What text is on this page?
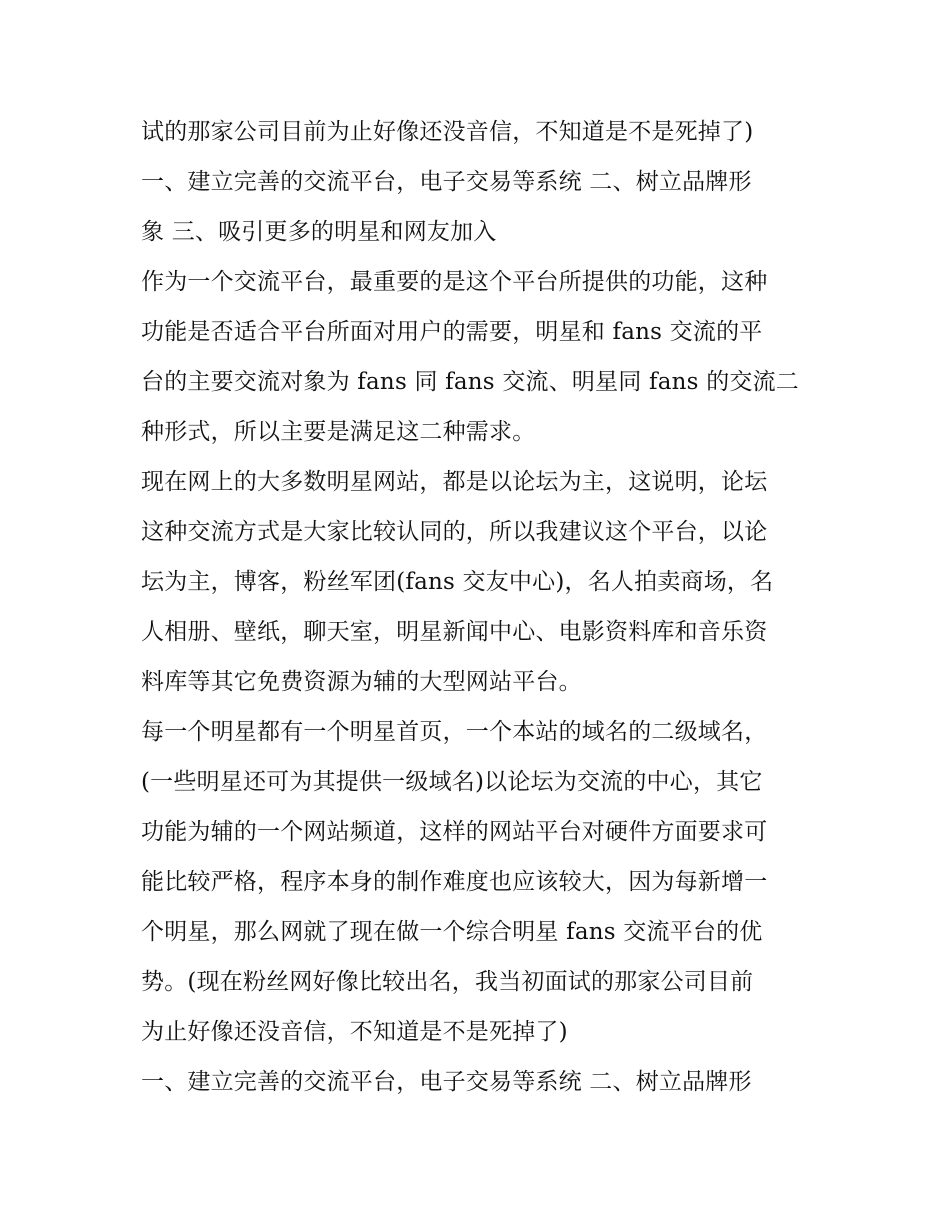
试的那家公司目前为止好像还没音信，不知道是不是死掉了)
一、建立完善的交流平台，电子交易等系统 二、树立品牌形
象 三、吸引更多的明星和网友加入
作为一个交流平台，最重要的是这个平台所提供的功能，这种
功能是否适合平台所面对用户的需要，明星和 fans 交流的平
台的主要交流对象为 fans 同 fans 交流、明星同 fans 的交流二
种形式，所以主要是满足这二种需求。
现在网上的大多数明星网站，都是以论坛为主，这说明，论坛
这种交流方式是大家比较认同的，所以我建议这个平台，以论
坛为主，博客，粉丝军团(fans 交友中心)，名人拍卖商场，名
人相册、壁纸，聊天室，明星新闻中心、电影资料库和音乐资
料库等其它免费资源为辅的大型网站平台。
每一个明星都有一个明星首页，一个本站的域名的二级域名，
(一些明星还可为其提供一级域名)以论坛为交流的中心，其它
功能为辅的一个网站频道，这样的网站平台对硬件方面要求可
能比较严格，程序本身的制作难度也应该较大，因为每新增一
个明星，那么网就了现在做一个综合明星 fans 交流平台的优
势。(现在粉丝网好像比较出名，我当初面试的那家公司目前
为止好像还没音信，不知道是不是死掉了)
一、建立完善的交流平台，电子交易等系统 二、树立品牌形
